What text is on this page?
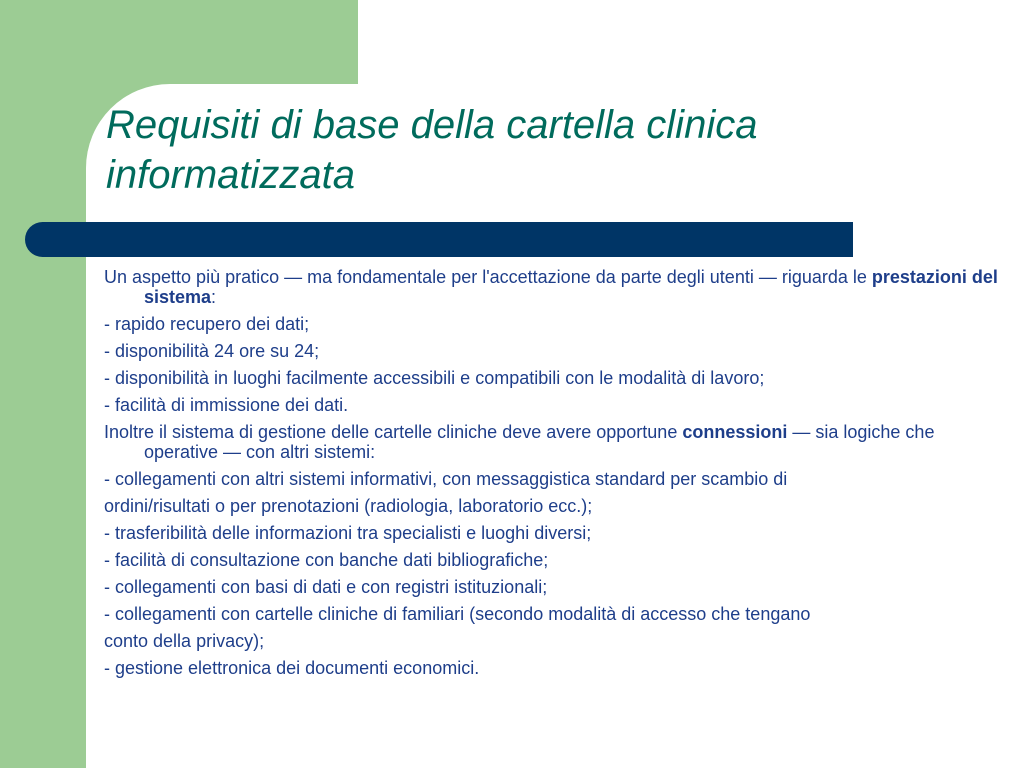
Requisiti di base della cartella clinica
informatizzata

Un aspetto più pratico — ma fondamentale per l'accettazione da parte degli utenti — riguarda le prestazioni del sistema:

- rapido recupero dei dati;

- disponibilità 24 ore su 24;

- disponibilità in luoghi facilmente accessibili e compatibili con le modalità di lavoro;

- facilità di immissione dei dati.

Inoltre il sistema di gestione delle cartelle cliniche deve avere opportune connessioni — sia logiche che operative — con altri sistemi:

- collegamenti con altri sistemi informativi, con messaggistica standard per scambio di

ordini/risultati o per prenotazioni (radiologia, laboratorio ecc.);

- trasferibilità delle informazioni tra specialisti e luoghi diversi;

- facilità di consultazione con banche dati bibliografiche;

- collegamenti con basi di dati e con registri istituzionali;

- collegamenti con cartelle cliniche di familiari (secondo modalità di accesso che tengano

conto della privacy);

- gestione elettronica dei documenti economici.
